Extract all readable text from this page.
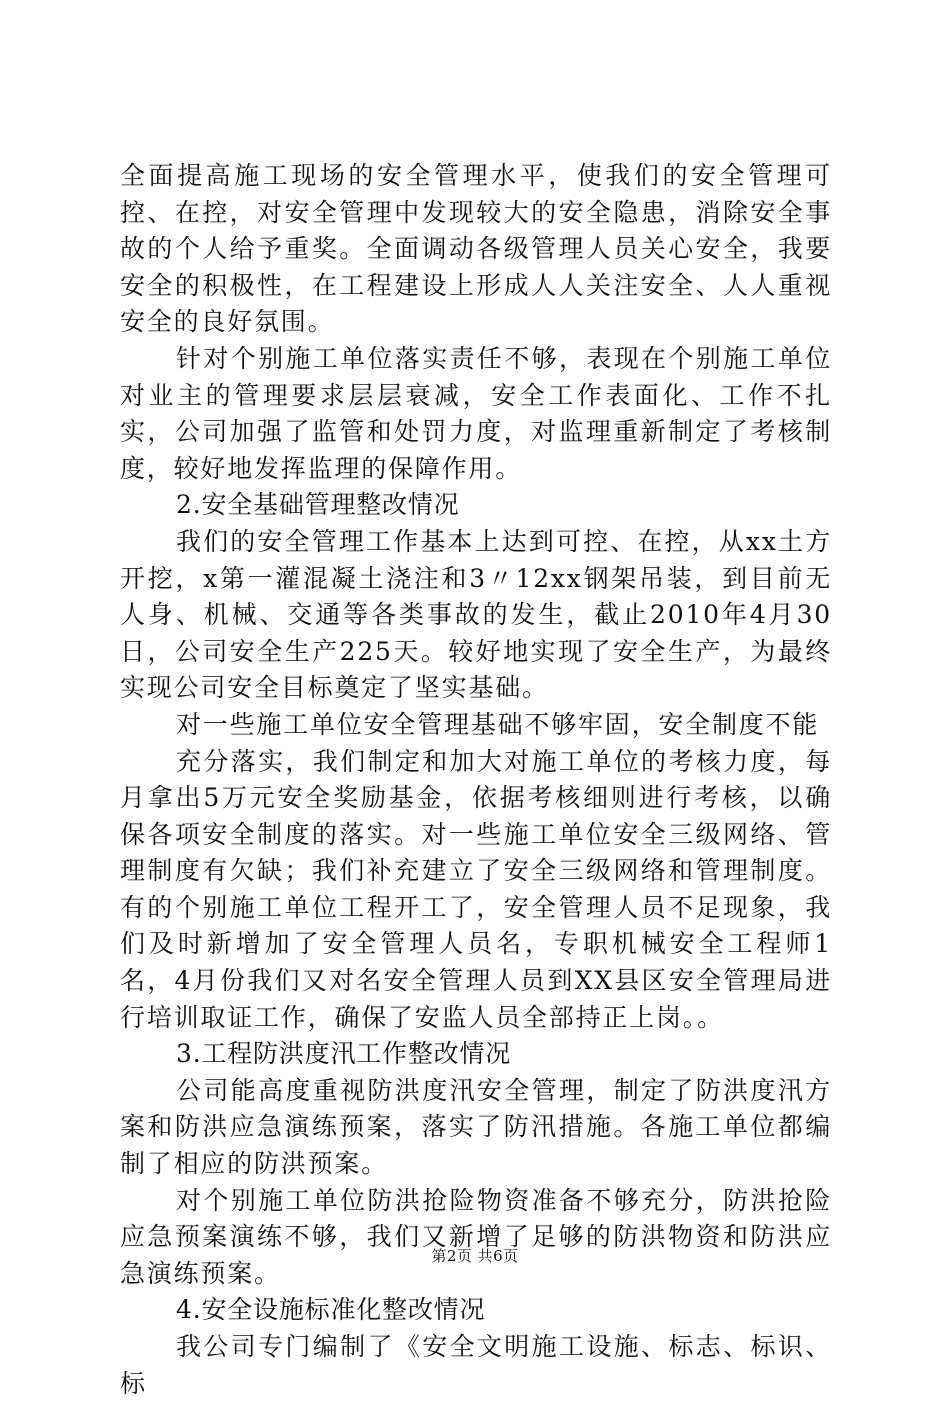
全面提高施工现场的安全管理水平，使我们的安全管理可控、在控，对安全管理中发现较大的安全隐患，消除安全事故的个人给予重奖。全面调动各级管理人员关心安全，我要安全的积极性，在工程建设上形成人人关注安全、人人重视安全的良好氛围。

针对个别施工单位落实责任不够，表现在个别施工单位对业主的管理要求层层衰减，安全工作表面化、工作不扎实，公司加强了监管和处罚力度，对监理重新制定了考核制度，较好地发挥监理的保障作用。

2.安全基础管理整改情况

我们的安全管理工作基本上达到可控、在控，从xx土方开挖，x第一灌混凝土浇注和3〃12xx钢架吊装，到目前无人身、机械、交通等各类事故的发生，截止2010年4月30日，公司安全生产225天。较好地实现了安全生产，为最终实现公司安全目标奠定了坚实基础。

对一些施工单位安全管理基础不够牢固，安全制度不能

充分落实，我们制定和加大对施工单位的考核力度，每月拿出5万元安全奖励基金，依据考核细则进行考核，以确保各项安全制度的落实。对一些施工单位安全三级网络、管理制度有欠缺；我们补充建立了安全三级网络和管理制度。有的个别施工单位工程开工了，安全管理人员不足现象，我们及时新增加了安全管理人员名，专职机械安全工程师1名，4月份我们又对名安全管理人员到XX县区安全管理局进行培训取证工作，确保了安监人员全部持正上岗。。

3.工程防洪度汛工作整改情况

公司能高度重视防洪度汛安全管理，制定了防洪度汛方案和防洪应急演练预案，落实了防汛措施。各施工单位都编制了相应的防洪预案。

对个别施工单位防洪抢险物资准备不够充分，防洪抢险应急预案演练不够，我们又新增了足够的防洪物资和防洪应急演练预案。

4.安全设施标准化整改情况

我公司专门编制了《安全文明施工设施、标志、标识、标

第2页 共6页
